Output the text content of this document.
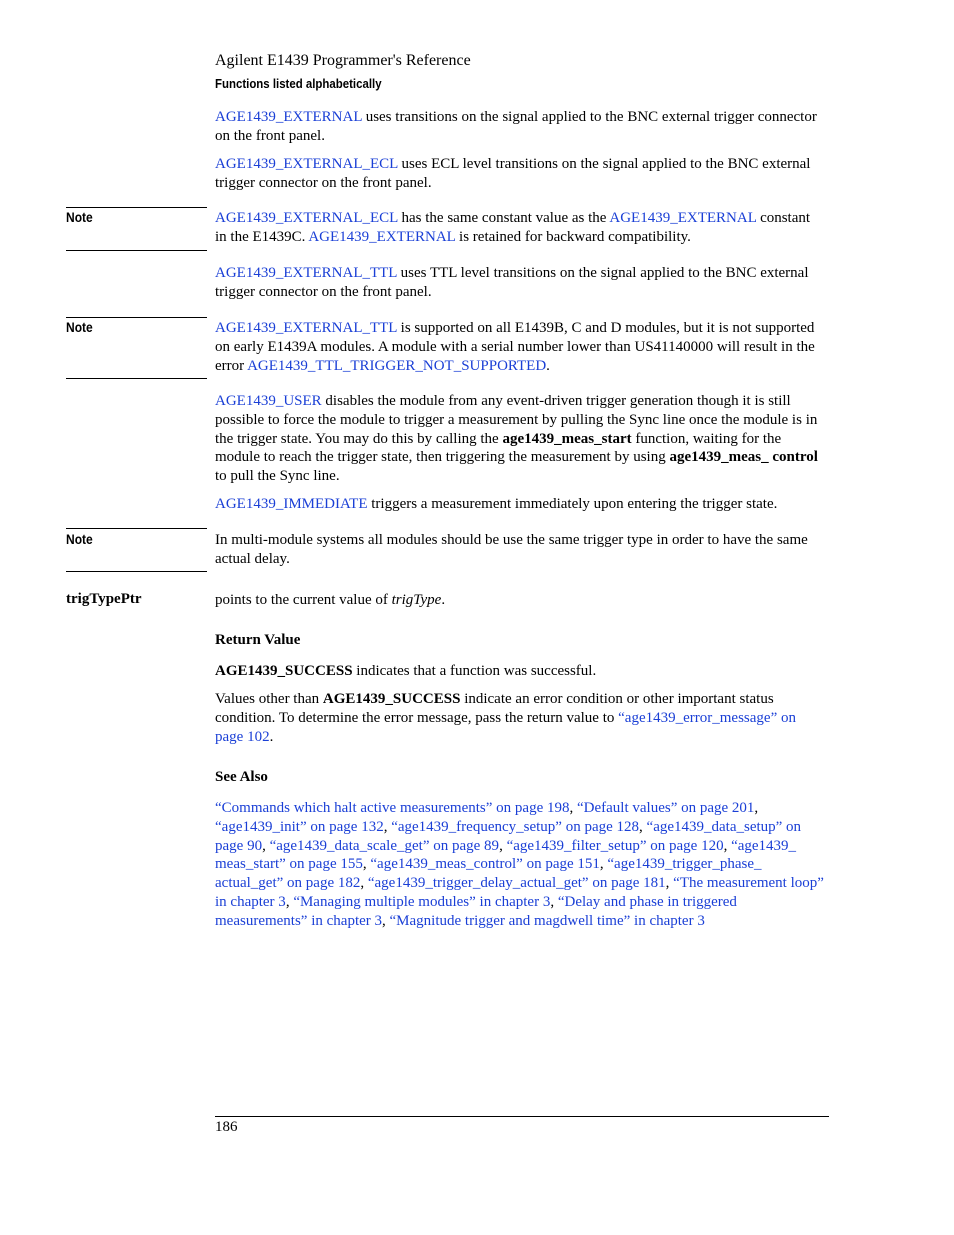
Agilent E1439 Programmer's Reference
Functions listed alphabetically
AGE1439_EXTERNAL uses transitions on the signal applied to the BNC external trigger connector on the front panel.
AGE1439_EXTERNAL_ECL uses ECL level transitions on the signal applied to the BNC external trigger connector on the front panel.
Note	AGE1439_EXTERNAL_ECL has the same constant value as the AGE1439_EXTERNAL constant in the E1439C. AGE1439_EXTERNAL is retained for backward compatibility.
AGE1439_EXTERNAL_TTL uses TTL level transitions on the signal applied to the BNC external trigger connector on the front panel.
Note	AGE1439_EXTERNAL_TTL is supported on all E1439B, C and D modules, but it is not supported on early E1439A modules. A module with a serial number lower than US41140000 will result in the error AGE1439_TTL_TRIGGER_NOT_SUPPORTED.
AGE1439_USER disables the module from any event-driven trigger generation though it is still possible to force the module to trigger a measurement by pulling the Sync line once the module is in the trigger state. You may do this by calling the age1439_meas_start function, waiting for the module to reach the trigger state, then triggering the measurement by using age1439_meas_ control to pull the Sync line.
AGE1439_IMMEDIATE triggers a measurement immediately upon entering the trigger state.
Note	In multi-module systems all modules should be use the same trigger type in order to have the same actual delay.
trigTypePtr	points to the current value of trigType.
Return Value
AGE1439_SUCCESS indicates that a function was successful.
Values other than AGE1439_SUCCESS indicate an error condition or other important status condition. To determine the error message, pass the return value to “age1439_error_message” on page 102.
See Also
“Commands which halt active measurements” on page 198, “Default values” on page 201, “age1439_init” on page 132, “age1439_frequency_setup” on page 128, “age1439_data_setup” on page 90, “age1439_data_scale_get” on page 89, “age1439_filter_setup” on page 120, “age1439_ meas_start” on page 155, “age1439_meas_control” on page 151, “age1439_trigger_phase_ actual_get” on page 182, “age1439_trigger_delay_actual_get” on page 181, “The measurement loop” in chapter 3, “Managing multiple modules” in chapter 3, “Delay and phase in triggered measurements” in chapter 3, “Magnitude trigger and magdwell time” in chapter 3
186
